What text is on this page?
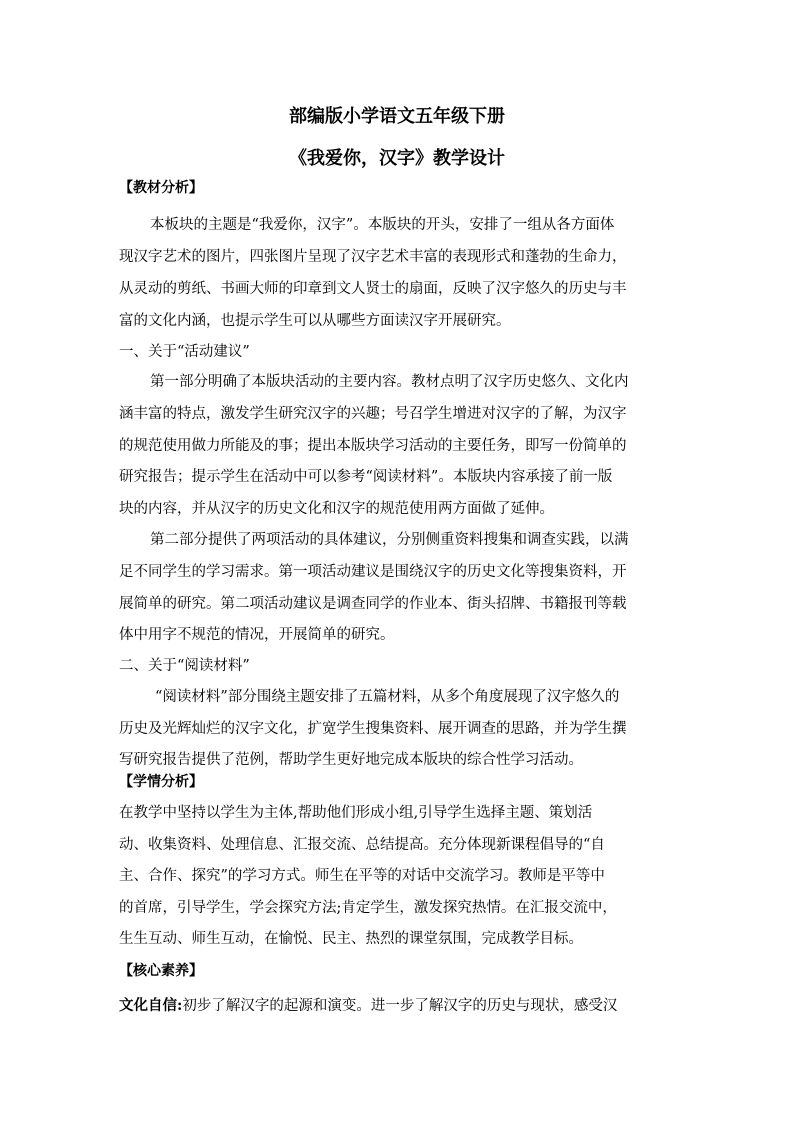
部编版小学语文五年级下册
《我爱你，汉字》教学设计
【教材分析】
本板块的主题是“我爱你，汉字”。本版块的开头，安排了一组从各方面体
现汉字艺术的图片，四张图片呈现了汉字艺术丰富的表现形式和蓬勃的生命力，
从灵动的剪纸、书画大师的印章到文人贤士的扇面，反映了汉字悠久的历史与丰
富的文化内涵，也提示学生可以从哪些方面读汉字开展研究。
一、关于“活动建议”
第一部分明确了本版块活动的主要内容。教材点明了汉字历史悠久、文化内
涵丰富的特点，激发学生研究汉字的兴趣；号召学生增进对汉字的了解，为汉字
的规范使用做力所能及的事；提出本版块学习活动的主要任务，即写一份简单的
研究报告；提示学生在活动中可以参考“阅读材料”。本版块内容承接了前一版
块的内容，并从汉字的历史文化和汉字的规范使用两方面做了延伸。
第二部分提供了两项活动的具体建议，分别侧重资料搜集和调查实践，以满
足不同学生的学习需求。第一项活动建议是围绕汉字的历史文化等搜集资料，开
展简单的研究。第二项活动建议是调查同学的作业本、街头招牌、书籍报刊等载
体中用字不规范的情况，开展简单的研究。
二、关于“阅读材料”
“阅读材料”部分围绕主题安排了五篇材料，从多个角度展现了汉字悠久的
历史及光辉灿烂的汉字文化，扩宽学生搜集资料、展开调查的思路，并为学生撰
写研究报告提供了范例，帮助学生更好地完成本版块的综合性学习活动。
【学情分析】
在教学中坚持以学生为主体,帮助他们形成小组,引导学生选择主题、策划活
动、收集资料、处理信息、汇报交流、总结提高。充分体现新课程倡导的“自
主、合作、探究”的学习方式。师生在平等的对话中交流学习。教师是平等中
的首席，引导学生，学会探究方法;肯定学生，激发探究热情。在汇报交流中，
生生互动、师生互动，在愉悦、民主、热烈的课堂氛围，完成教学目标。
【核心素养】
文化自信:初步了解汉字的起源和演变。进一步了解汉字的历史与现状，感受汉
